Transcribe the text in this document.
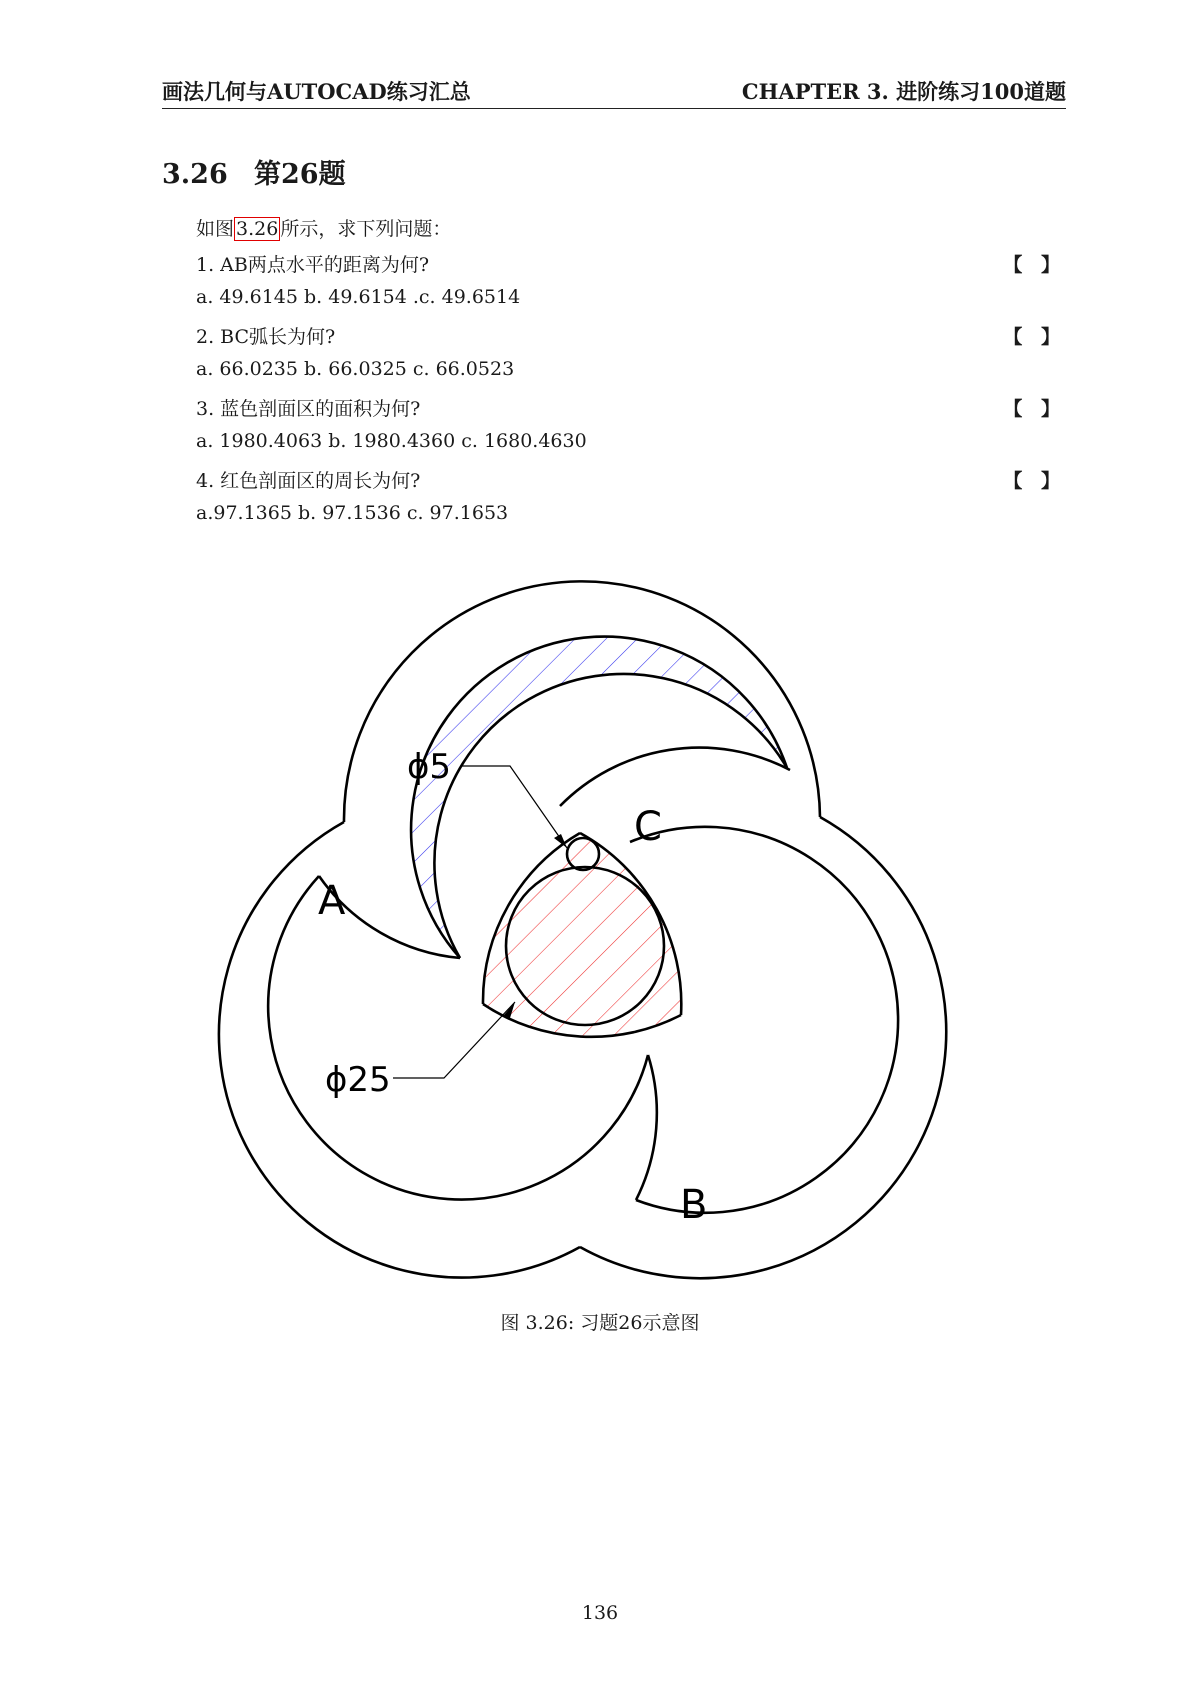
画法几何与AUTOCAD练习汇总	CHAPTER 3. 进阶练习100道题
3.26 第26题
如图 3.26 所示，求下列问题：
1. AB两点水平的距离为何?	【 】
a. 49.6145 b. 49.6154 .c. 49.6514
2. BC弧长为何?	【 】
a. 66.0235 b. 66.0325 c. 66.0523
3. 蓝色剖面区的面积为何?	【 】
a. 1980.4063 b. 1980.4360 c. 1680.4630
4. 红色剖面区的周长为何?	【 】
a.97.1365 b. 97.1536 c. 97.1653
A
B
C
ϕ5
ϕ25
图 3.26: 习题26示意图
136
